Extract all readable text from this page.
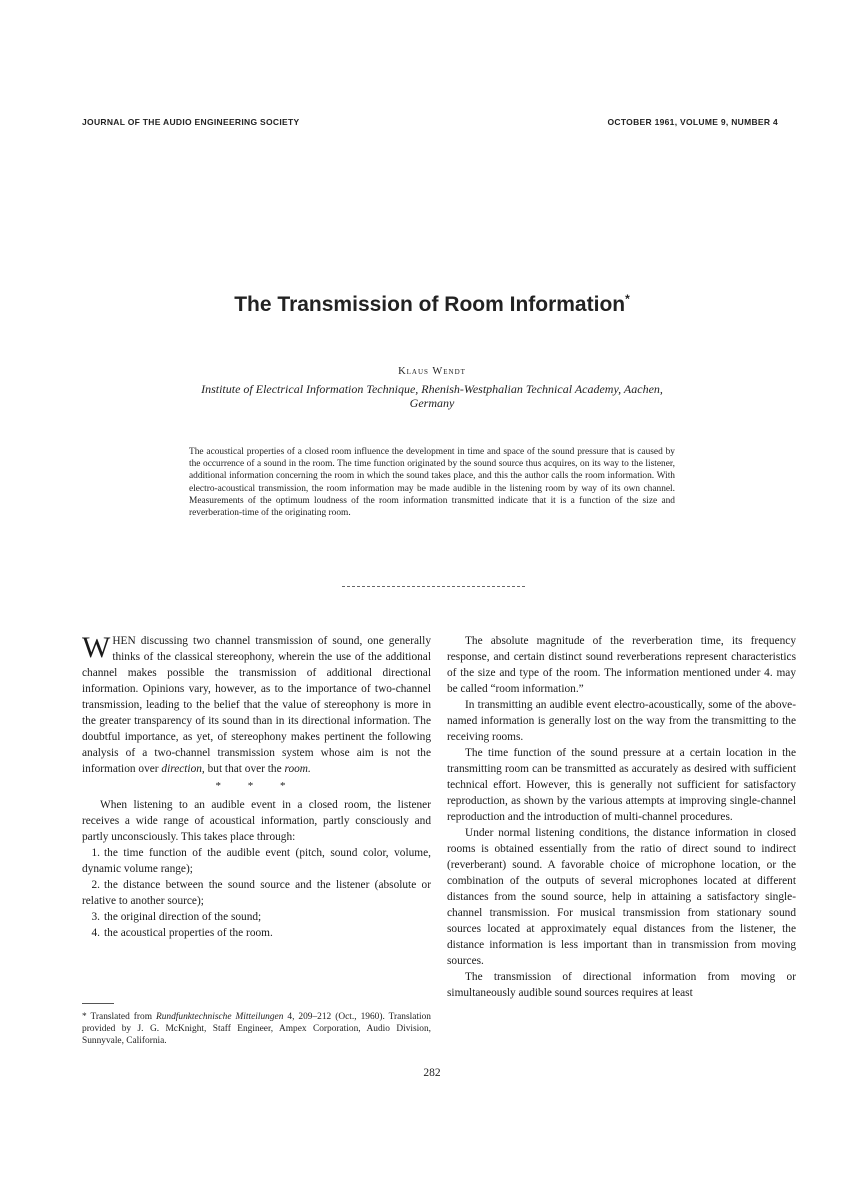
JOURNAL OF THE AUDIO ENGINEERING SOCIETY	OCTOBER 1961, VOLUME 9, NUMBER 4
The Transmission of Room Information*
Klaus Wendt
Institute of Electrical Information Technique, Rhenish-Westphalian Technical Academy, Aachen, Germany
The acoustical properties of a closed room influence the development in time and space of the sound pressure that is caused by the occurrence of a sound in the room. The time function originated by the sound source thus acquires, on its way to the listener, additional information concerning the room in which the sound takes place, and this the author calls the room information. With electro-acoustical transmission, the room information may be made audible in the listening room by way of its own channel. Measurements of the optimum loudness of the room information transmitted indicate that it is a function of the size and reverberation-time of the originating room.

WHEN discussing two channel transmission of sound, one generally thinks of the classical stereophony, wherein the use of the additional channel makes possible the transmission of additional directional information. Opinions vary, however, as to the importance of two-channel transmission, leading to the belief that the value of stereophony is more in the greater transparency of its sound than in its directional information. The doubtful importance, as yet, of stereophony makes pertinent the following analysis of a two-channel transmission system whose aim is not the information over direction, but that over the room.

* * *

When listening to an audible event in a closed room, the listener receives a wide range of acoustical information, partly consciously and partly unconsciously. This takes place through:

1. the time function of the audible event (pitch, sound color, volume, dynamic volume range);

2. the distance between the sound source and the listener (absolute or relative to another source);

3. the original direction of the sound;

4. the acoustical properties of the room.

* Translated from Rundfunktechnische Mitteilungen 4, 209–212 (Oct., 1960). Translation provided by J. G. McKnight, Staff Engineer, Ampex Corporation, Audio Division, Sunnyvale, California.

The absolute magnitude of the reverberation time, its frequency response, and certain distinct sound reverberations represent characteristics of the size and type of the room. The information mentioned under 4. may be called “room information.”

In transmitting an audible event electro-acoustically, some of the above-named information is generally lost on the way from the transmitting to the receiving rooms.

The time function of the sound pressure at a certain location in the transmitting room can be transmitted as accurately as desired with sufficient technical effort. However, this is generally not sufficient for satisfactory reproduction, as shown by the various attempts at improving single-channel reproduction and the introduction of multi-channel procedures.

Under normal listening conditions, the distance information in closed rooms is obtained essentially from the ratio of direct sound to indirect (reverberant) sound. A favorable choice of microphone location, or the combination of the outputs of several microphones located at different distances from the sound source, help in attaining a satisfactory single-channel transmission. For musical transmission from stationary sound sources located at approximately equal distances from the listener, the distance information is less important than in transmission from moving sources.

The transmission of directional information from moving or simultaneously audible sound sources requires at least

282
